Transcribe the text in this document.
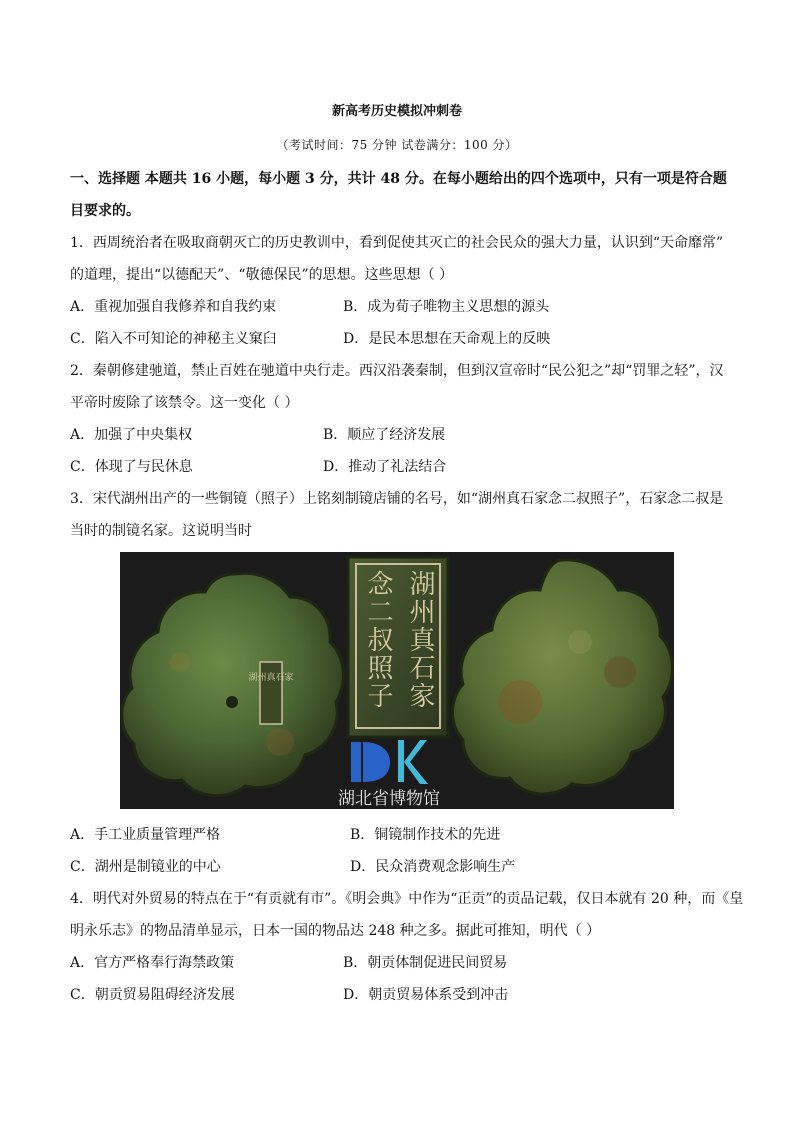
新高考历史模拟冲刺卷
（考试时间：75 分钟 试卷满分：100 分）
一、选择题 本题共 16 小题，每小题 3 分，共计 48 分。在每小题给出的四个选项中，只有一项是符合题
目要求的。
1．西周统治者在吸取商朝灭亡的历史教训中，看到促使其灭亡的社会民众的强大力量，认识到“天命靡常”
的道理，提出“以德配天”、“敬德保民”的思想。这些思想（ ）
A．重视加强自我修养和自我约束	B．成为荀子唯物主义思想的源头
C．陷入不可知论的神秘主义窠臼	D．是民本思想在天命观上的反映
2．秦朝修建驰道，禁止百姓在驰道中央行走。西汉沿袭秦制，但到汉宣帝时“民公犯之”却“罚罪之轻”，汉
平帝时废除了该禁令。这一变化（ ）
A．加强了中央集权	B．顺应了经济发展
C．体现了与民休息	D．推动了礼法结合
3．宋代湖州出产的一些铜镜（照子）上铭刻制镜店铺的名号，如“湖州真石家念二叔照子”，石家念二叔是
当时的制镜名家。这说明当时
湖州真石家	湖州真石家
念二叔照子
湖北省博物馆
A．手工业质量管理严格	B．铜镜制作技术的先进
C．湖州是制镜业的中心	D．民众消费观念影响生产
4．明代对外贸易的特点在于“有贡就有市”。《明会典》中作为“正贡”的贡品记载，仅日本就有 20 种，而《皇
明永乐志》的物品清单显示，日本一国的物品达 248 种之多。据此可推知，明代（ ）
A．官方严格奉行海禁政策	B．朝贡体制促进民间贸易
C．朝贡贸易阻碍经济发展	D．朝贡贸易体系受到冲击
